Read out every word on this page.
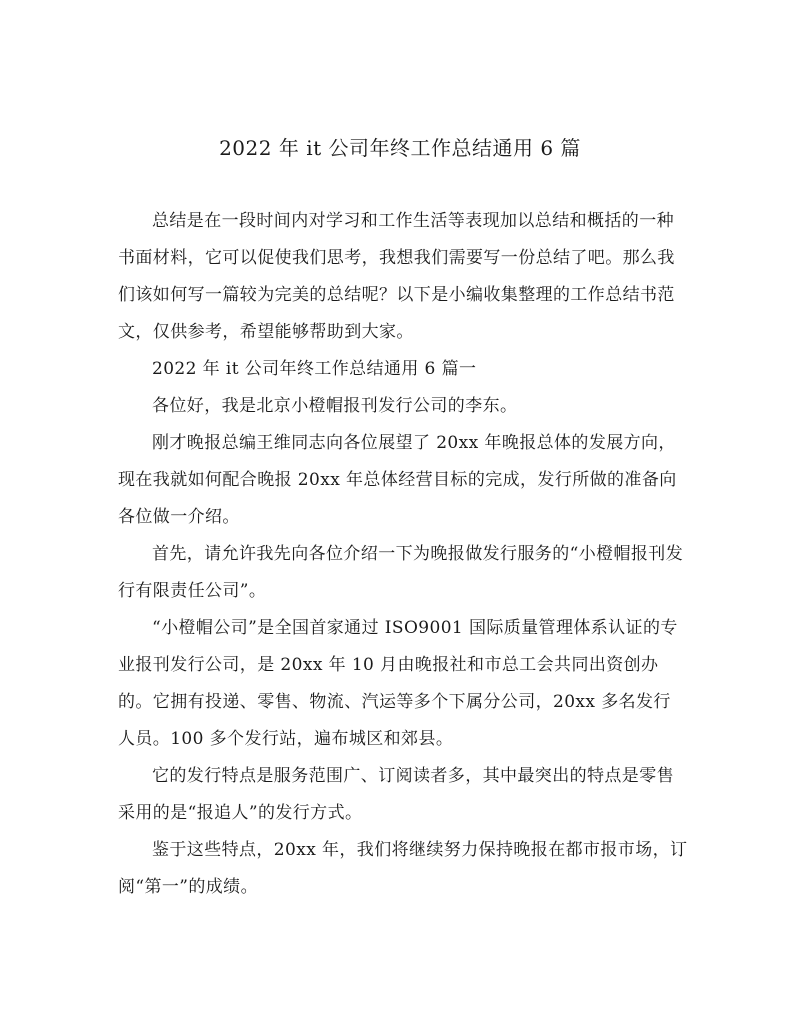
2022 年 it 公司年终工作总结通用 6 篇

总结是在一段时间内对学习和工作生活等表现加以总结和概括的一种书面材料，它可以促使我们思考，我想我们需要写一份总结了吧。那么我们该如何写一篇较为完美的总结呢？以下是小编收集整理的工作总结书范文，仅供参考，希望能够帮助到大家。

2022 年 it 公司年终工作总结通用 6 篇一

各位好，我是北京小橙帽报刊发行公司的李东。

刚才晚报总编王维同志向各位展望了 20xx 年晚报总体的发展方向，现在我就如何配合晚报 20xx 年总体经营目标的完成，发行所做的准备向各位做一介绍。

首先，请允许我先向各位介绍一下为晚报做发行服务的“小橙帽报刊发行有限责任公司”。

“小橙帽公司”是全国首家通过 ISO9001 国际质量管理体系认证的专业报刊发行公司，是 20xx 年 10 月由晚报社和市总工会共同出资创办的。它拥有投递、零售、物流、汽运等多个下属分公司，20xx 多名发行人员。100 多个发行站，遍布城区和郊县。

它的发行特点是服务范围广、订阅读者多，其中最突出的特点是零售采用的是“报追人”的发行方式。

鉴于这些特点，20xx 年，我们将继续努力保持晚报在都市报市场，订阅“第一”的成绩。
